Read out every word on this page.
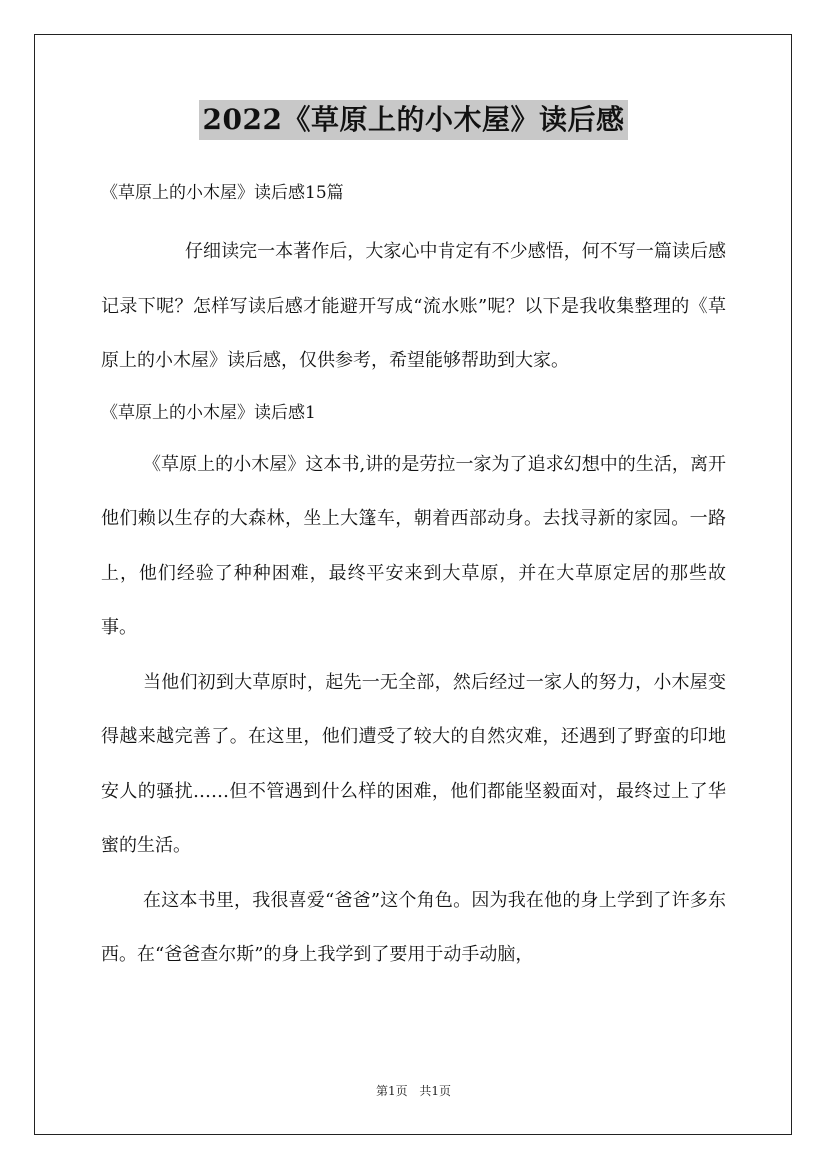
2022《草原上的小木屋》读后感

《草原上的小木屋》读后感15篇

仔细读完一本著作后，大家心中肯定有不少感悟，何不写一篇读后感记录下呢？怎样写读后感才能避开写成“流水账”呢？以下是我收集整理的《草原上的小木屋》读后感，仅供参考，希望能够帮助到大家。

《草原上的小木屋》读后感1

《草原上的小木屋》这本书,讲的是劳拉一家为了追求幻想中的生活，离开他们赖以生存的大森林，坐上大篷车，朝着西部动身。去找寻新的家园。一路上，他们经验了种种困难，最终平安来到大草原，并在大草原定居的那些故事。

当他们初到大草原时，起先一无全部，然后经过一家人的努力，小木屋变得越来越完善了。在这里，他们遭受了较大的自然灾难，还遇到了野蛮的印地安人的骚扰……但不管遇到什么样的困难，他们都能坚毅面对，最终过上了华蜜的生活。

在这本书里，我很喜爱“爸爸”这个角色。因为我在他的身上学到了许多东西。在“爸爸查尔斯”的身上我学到了要用于动手动脑，

第1页 共1页
